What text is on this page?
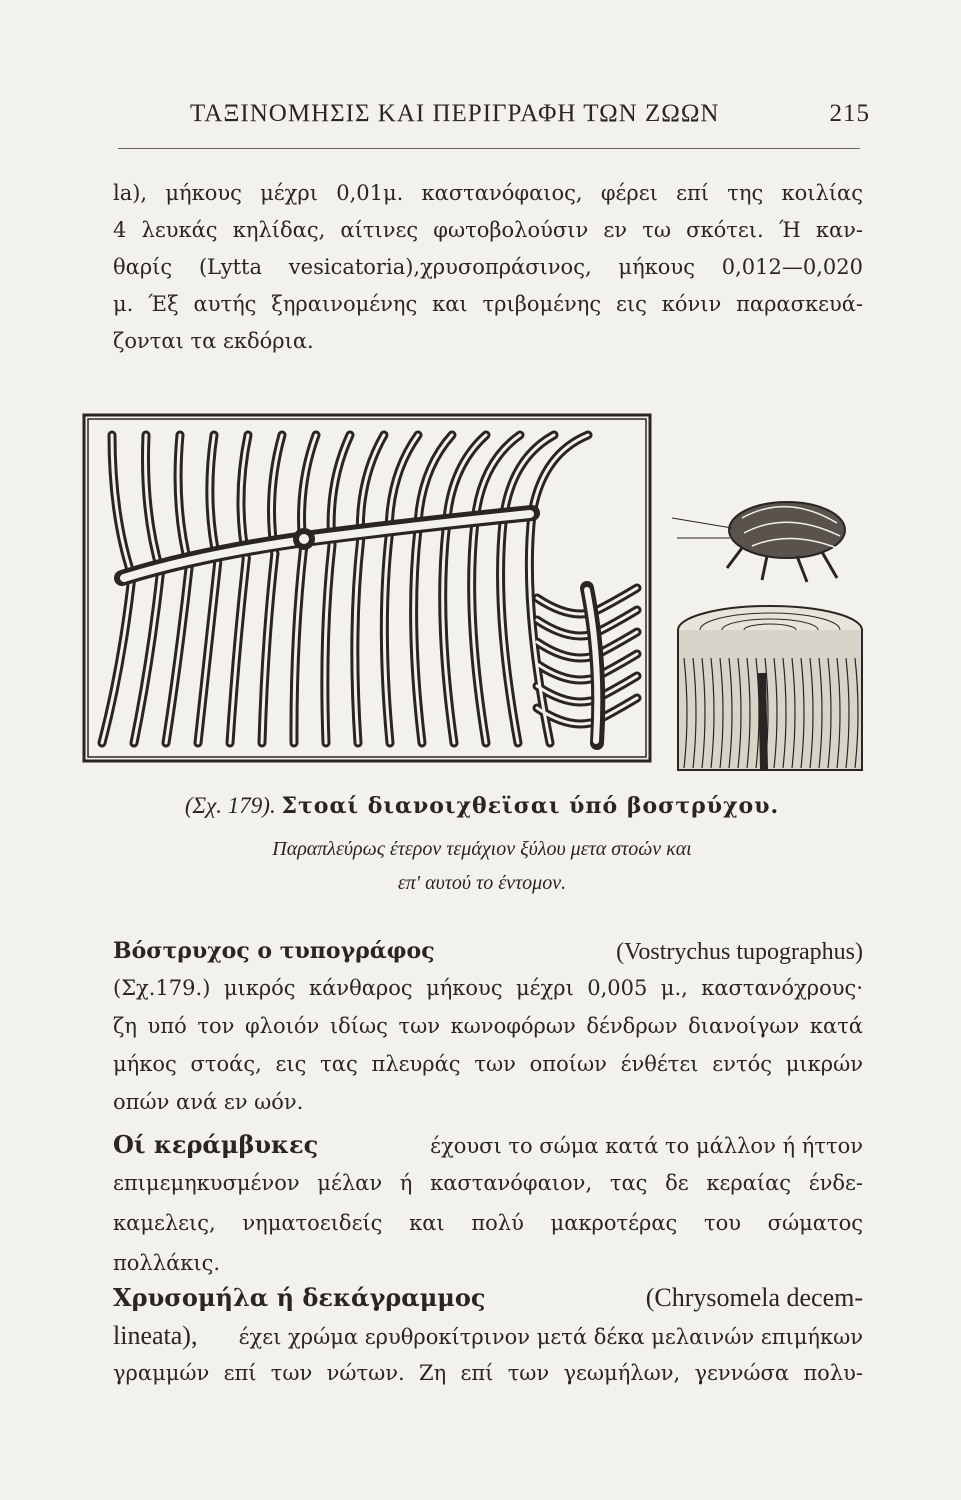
ΤΑΞΙΝΟΜΗΣΙΣ ΚΑΙ ΠΕΡΙΓΡΑΦΗ ΤΩΝ ΖΩΩΝ	215
la), μήκους μέχρι 0,01μ. καστανόφαιος, φέρει επί της κοιλίας
4 λευκάς κηλίδας, αίτινες φωτοβολούσιν εν τω σκότει. Ή καν-
θαρίς (Lytta vesicatoria),χρυσοπράσινος, μήκους 0,012—0,020
μ. Έξ αυτής ξηραινομένης και τριβομένης εις κόνιν παρασκευά-
ζονται τα εκδόρια.
(Σχ. 179). Στοαί διανοιχθεϊσαι ύπό βοστρύχου.
Παραπλεύρως έτερον τεμάχιον ξύλου μετα στοών και
επ' αυτού το έντομον.
Βόστρυχος ο τυπογράφος	(Vostrychus tupographus)
(Σχ.179.) μικρός κάνθαρος μήκους μέχρι 0,005 μ., καστανόχρους·
ζη υπό τον φλοιόν ιδίως των κωνοφόρων δένδρων διανοίγων κατά
μήκος στοάς, εις τας πλευράς των οποίων ένθέτει εντός μικρών
οπών ανά εν ωόν.
Οί κεράμβυκες	έχουσι το σώμα κατά το μάλλον ή ήττον
επιμεμηκυσμένον μέλαν ή καστανόφαιον, τας δε κεραίας ένδε-
καμελεις, νηματοειδείς και πολύ μακροτέρας του σώματος
πολλάκις.
Χρυσομήλα ή δεκάγραμμος	(Chrysomela decem-
lineata), έχει χρώμα ερυθροκίτρινον μετά δέκα μελαινών επιμήκων
γραμμών επί των νώτων. Ζη επί των γεωμήλων, γεννώσα πολυ-
